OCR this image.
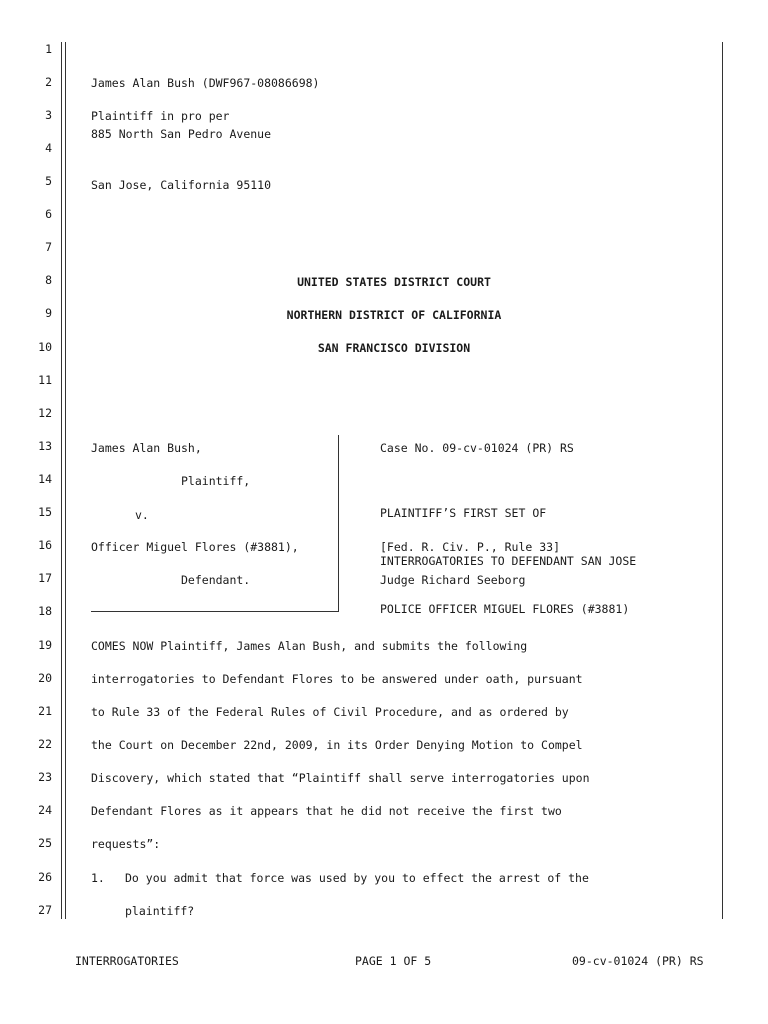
1
2
3
4
5
6
7
8
9
10
11
12
13
14
15
16
17
18
19
20
21
22
23
24
25
26
27

James Alan Bush (DWF967-08086698)

885 North San Pedro Avenue

San Jose, California 95110

Plaintiff in pro per
UNITED STATES DISTRICT COURT
NORTHERN DISTRICT OF CALIFORNIA
SAN FRANCISCO DIVISION
James Alan Bush,
Plaintiff,
v.
Officer Miguel Flores (#3881),
Defendant.
Case No. 09-cv-01024 (PR) RS

PLAINTIFF’S FIRST SET OF

INTERROGATORIES TO DEFENDANT SAN JOSE

POLICE OFFICER MIGUEL FLORES (#3881)

[Fed. R. Civ. P., Rule 33]
Judge Richard Seeborg
COMES NOW Plaintiff, James Alan Bush, and submits the following
interrogatories to Defendant Flores to be answered under oath, pursuant
to Rule 33 of the Federal Rules of Civil Procedure, and as ordered by
the Court on December 22nd, 2009, in its Order Denying Motion to Compel
Discovery, which stated that “Plaintiff shall serve interrogatories upon
Defendant Flores as it appears that he did not receive the first two
requests”:
1. Do you admit that force was used by you to effect the arrest of the
plaintiff?
INTERROGATORIES	PAGE 1 OF 5	09-cv-01024 (PR) RS
